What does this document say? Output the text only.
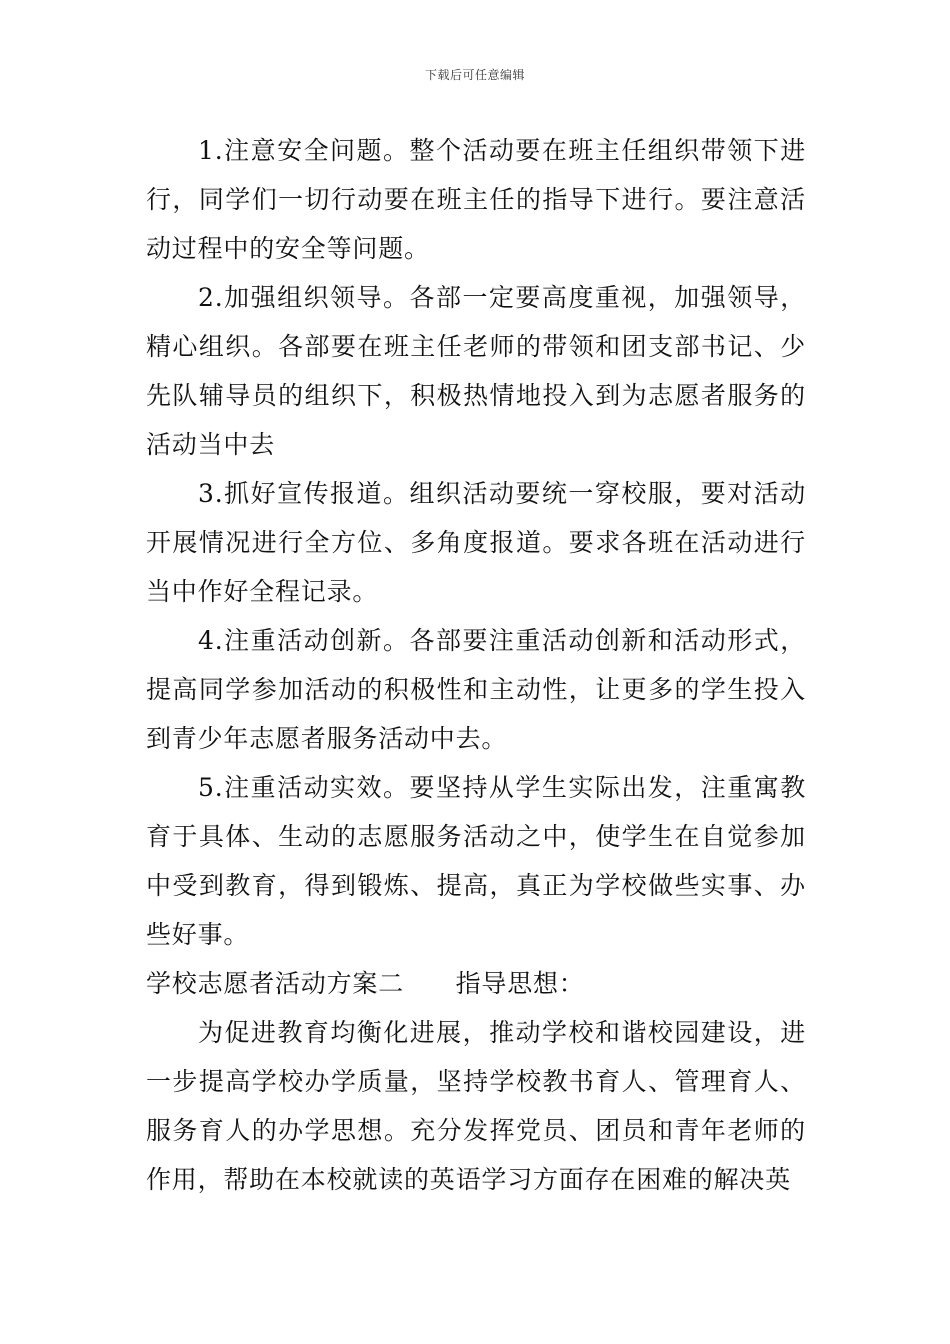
下载后可任意编辑

1.注意安全问题。整个活动要在班主任组织带领下进行，同学们一切行动要在班主任的指导下进行。要注意活动过程中的安全等问题。

2.加强组织领导。各部一定要高度重视，加强领导，精心组织。各部要在班主任老师的带领和团支部书记、少先队辅导员的组织下，积极热情地投入到为志愿者服务的活动当中去

3.抓好宣传报道。组织活动要统一穿校服，要对活动开展情况进行全方位、多角度报道。要求各班在活动进行当中作好全程记录。

4.注重活动创新。各部要注重活动创新和活动形式，提高同学参加活动的积极性和主动性，让更多的学生投入到青少年志愿者服务活动中去。

5.注重活动实效。要坚持从学生实际出发，注重寓教育于具体、生动的志愿服务活动之中，使学生在自觉参加中受到教育，得到锻炼、提高，真正为学校做些实事、办些好事。

学校志愿者活动方案二　　指导思想：

为促进教育均衡化进展，推动学校和谐校园建设，进一步提高学校办学质量，坚持学校教书育人、管理育人、服务育人的办学思想。充分发挥党员、团员和青年老师的作用，帮助在本校就读的英语学习方面存在困难的解决英
